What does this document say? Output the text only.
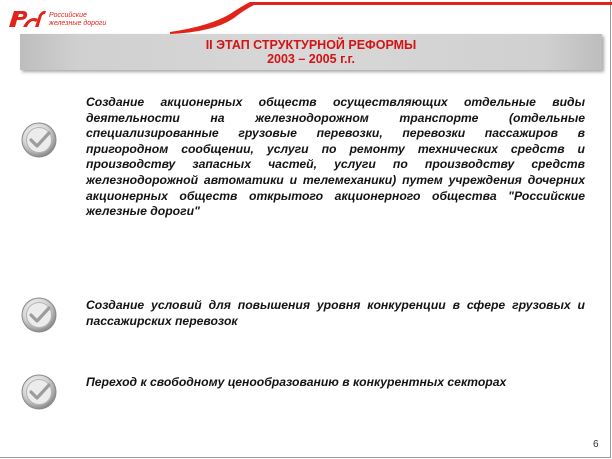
Российские
железные дороги
II ЭТАП СТРУКТУРНОЙ РЕФОРМЫ
2003 – 2005 г.г.
Создание акционерных обществ осуществляющих отдельные виды деятельности на железнодорожном транспорте (отдельные специализированные грузовые перевозки, перевозки пассажиров в пригородном сообщении, услуги по ремонту технических средств и производству запасных частей, услуги по производству средств железнодорожной автоматики и телемеханики) путем учреждения дочерних акционерных обществ открытого акционерного общества "Российские железные дороги"
Создание условий для повышения уровня конкуренции в сфере грузовых и пассажирских перевозок
Переход к свободному ценообразованию в конкурентных секторах
6
